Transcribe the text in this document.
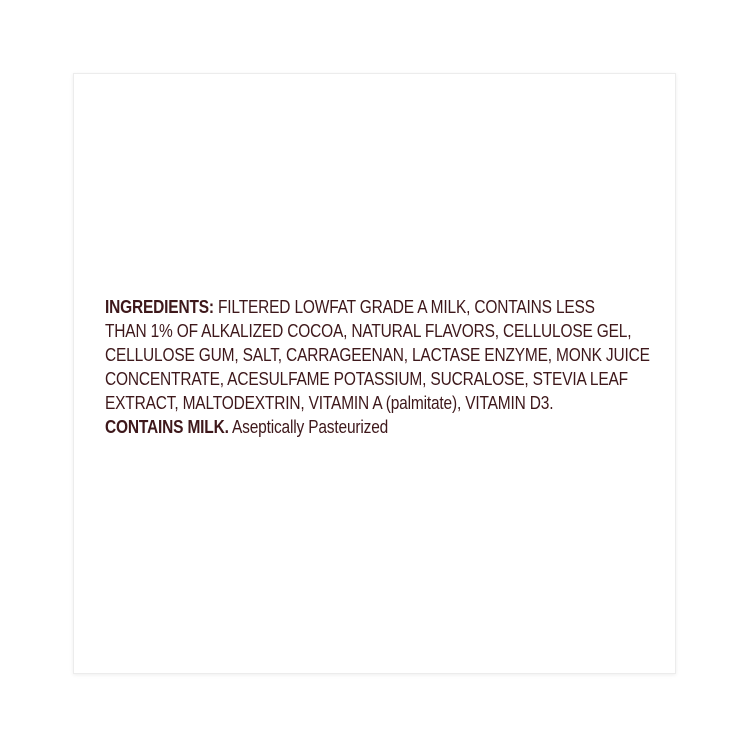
INGREDIENTS: FILTERED LOWFAT GRADE A MILK, CONTAINS LESS
THAN 1% OF ALKALIZED COCOA, NATURAL FLAVORS, CELLULOSE GEL,
CELLULOSE GUM, SALT, CARRAGEENAN, LACTASE ENZYME, MONK JUICE
CONCENTRATE, ACESULFAME POTASSIUM, SUCRALOSE, STEVIA LEAF
EXTRACT, MALTODEXTRIN, VITAMIN A (palmitate), VITAMIN D3.
CONTAINS MILK. Aseptically Pasteurized
